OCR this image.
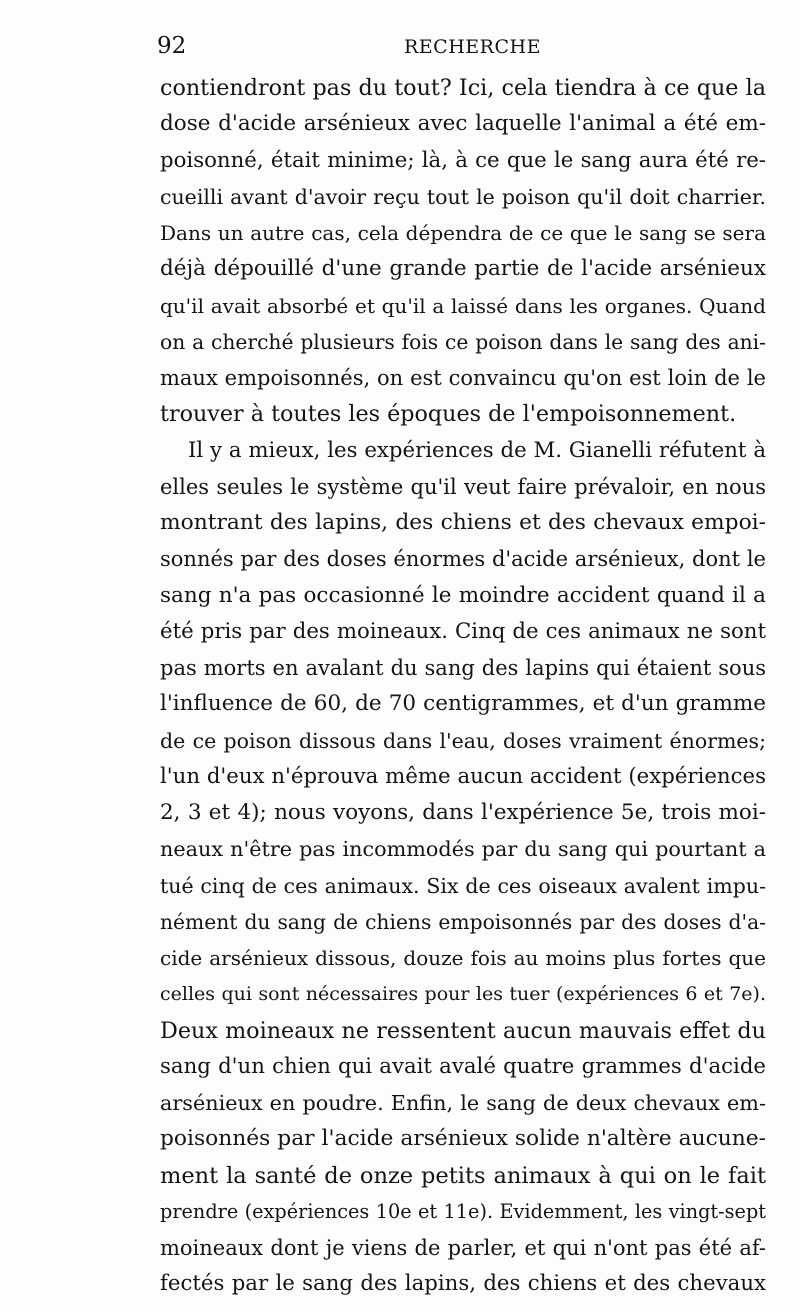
92	RECHERCHE
contiendront pas du tout? Ici, cela tiendra à ce que la
dose d'acide arsénieux avec laquelle l'animal a été em-
poisonné, était minime; là, à ce que le sang aura été re-
cueilli avant d'avoir reçu tout le poison qu'il doit charrier.
Dans un autre cas, cela dépendra de ce que le sang se sera
déjà dépouillé d'une grande partie de l'acide arsénieux
qu'il avait absorbé et qu'il a laissé dans les organes. Quand
on a cherché plusieurs fois ce poison dans le sang des ani-
maux empoisonnés, on est convaincu qu'on est loin de le
trouver à toutes les époques de l'empoisonnement.
Il y a mieux, les expériences de M. Gianelli réfutent à
elles seules le système qu'il veut faire prévaloir, en nous
montrant des lapins, des chiens et des chevaux empoi-
sonnés par des doses énormes d'acide arsénieux, dont le
sang n'a pas occasionné le moindre accident quand il a
été pris par des moineaux. Cinq de ces animaux ne sont
pas morts en avalant du sang des lapins qui étaient sous
l'influence de 60, de 70 centigrammes, et d'un gramme
de ce poison dissous dans l'eau, doses vraiment énormes;
l'un d'eux n'éprouva même aucun accident (expériences
2, 3 et 4); nous voyons, dans l'expérience 5e, trois moi-
neaux n'être pas incommodés par du sang qui pourtant a
tué cinq de ces animaux. Six de ces oiseaux avalent impu-
nément du sang de chiens empoisonnés par des doses d'a-
cide arsénieux dissous, douze fois au moins plus fortes que
celles qui sont nécessaires pour les tuer (expériences 6 et 7e).
Deux moineaux ne ressentent aucun mauvais effet du
sang d'un chien qui avait avalé quatre grammes d'acide
arsénieux en poudre. Enfin, le sang de deux chevaux em-
poisonnés par l'acide arsénieux solide n'altère aucune-
ment la santé de onze petits animaux à qui on le fait
prendre (expériences 10e et 11e). Evidemment, les vingt-sept
moineaux dont je viens de parler, et qui n'ont pas été af-
fectés par le sang des lapins, des chiens et des chevaux
